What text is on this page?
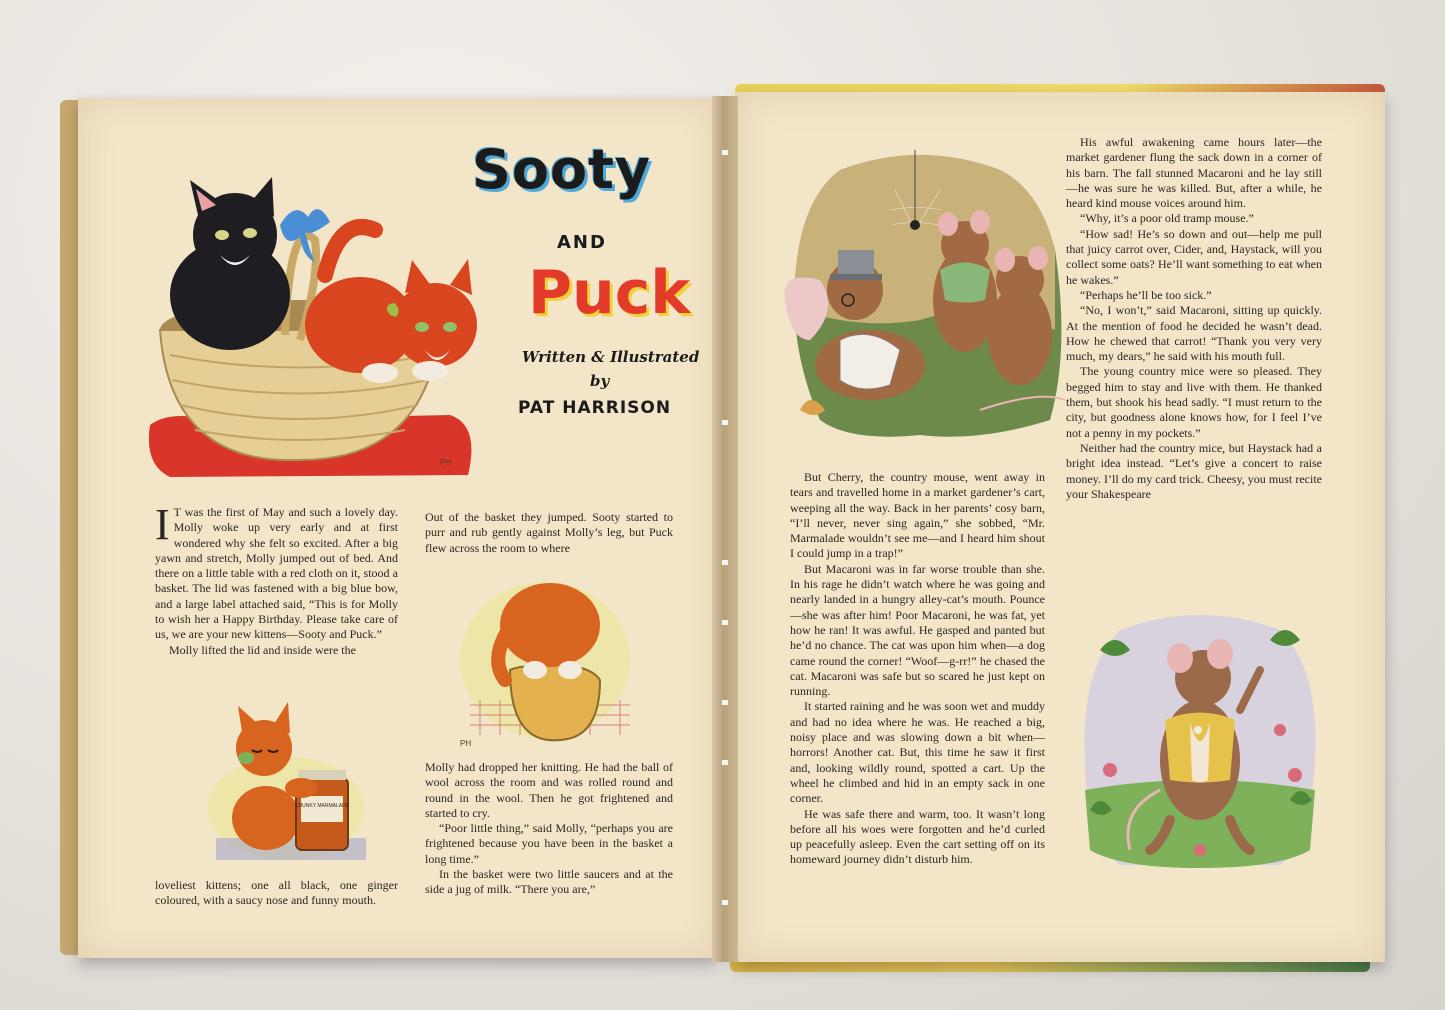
PH
Sooty
AND
Puck
Written & Illustrated
by
PAT HARRISON
I T was the first of May and such a lovely day. Molly woke up very early and at first wondered why she felt so excited. After a big yawn and stretch, Molly jumped out of bed. And there on a little table with a red cloth on it, stood a basket. The lid was fastened with a big blue bow, and a large label attached said, “This is for Molly to wish her a Happy Birthday. Please take care of us, we are your new kittens—Sooty and Puck.”

Molly lifted the lid and inside were the

CHUNKY MARMALADE

loveliest kittens; one all black, one ginger coloured, with a saucy nose and funny mouth.

Out of the basket they jumped. Sooty started to purr and rub gently against Molly’s leg, but Puck flew across the room to where

PH

Molly had dropped her knitting. He had the ball of wool across the room and was rolled round and round in the wool. Then he got frightened and started to cry.

“Poor little thing,” said Molly, “perhaps you are frightened because you have been in the basket a long time.”

In the basket were two little saucers and at the side a jug of milk. “There you are,”

His awful awakening came hours later—the market gardener flung the sack down in a corner of his barn. The fall stunned Macaroni and he lay still—he was sure he was killed. But, after a while, he heard kind mouse voices around him.

“Why, it’s a poor old tramp mouse.”

“How sad! He’s so down and out—help me pull that juicy carrot over, Cider, and, Haystack, will you collect some oats? He’ll want something to eat when he wakes.”

“Perhaps he’ll be too sick.”

“No, I won’t,” said Macaroni, sitting up quickly. At the mention of food he decided he wasn’t dead. How he chewed that carrot! “Thank you very very much, my dears,” he said with his mouth full.

The young country mice were so pleased. They begged him to stay and live with them. He thanked them, but shook his head sadly. “I must return to the city, but goodness alone knows how, for I feel I’ve not a penny in my pockets.”

Neither had the country mice, but Haystack had a bright idea instead. “Let’s give a concert to raise money. I’ll do my card trick. Cheesy, you must recite your Shakespeare

But Cherry, the country mouse, went away in tears and travelled home in a market gardener’s cart, weeping all the way. Back in her parents’ cosy barn, “I’ll never, never sing again,” she sobbed, “Mr. Marmalade wouldn’t see me—and I heard him shout I could jump in a trap!”

But Macaroni was in far worse trouble than she. In his rage he didn’t watch where he was going and nearly landed in a hungry alley-cat’s mouth. Pounce—she was after him! Poor Macaroni, he was fat, yet how he ran! It was awful. He gasped and panted but he’d no chance. The cat was upon him when—a dog came round the corner! “Woof—g-rr!” he chased the cat. Macaroni was safe but so scared he just kept on running.

It started raining and he was soon wet and muddy and had no idea where he was. He reached a big, noisy place and was slowing down a bit when—horrors! Another cat. But, this time he saw it first and, looking wildly round, spotted a cart. Up the wheel he climbed and hid in an empty sack in one corner.

He was safe there and warm, too. It wasn’t long before all his woes were forgotten and he’d curled up peacefully asleep. Even the cart setting off on its homeward journey didn’t disturb him.
